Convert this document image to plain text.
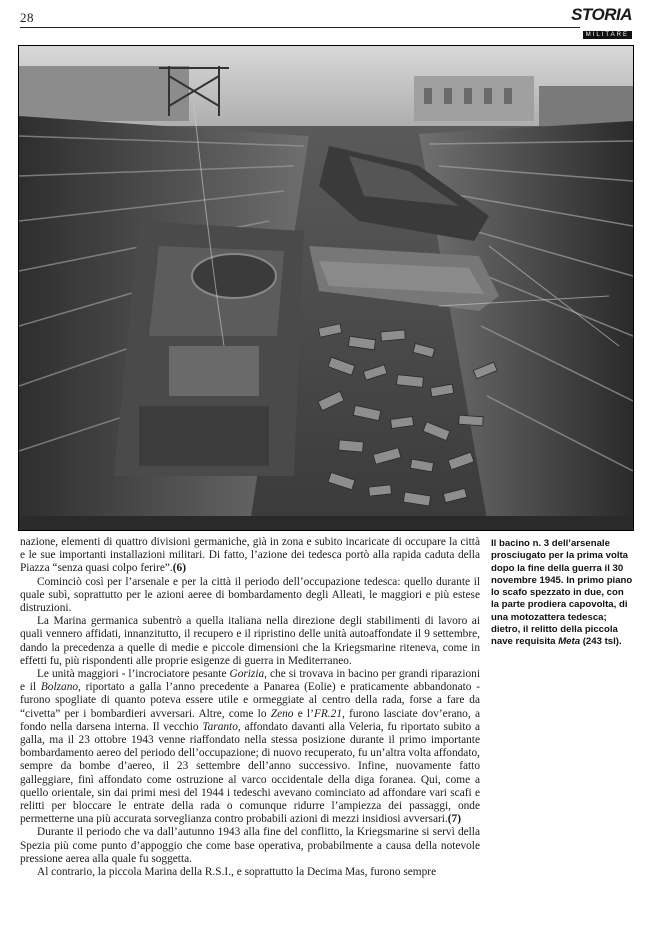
28	STORIA
MILITARE
Il bacino n. 3 dell’arsenale prosciugato per la prima volta dopo la fine della guerra il 30 novembre 1945. In primo piano lo scafo spezzato in due, con la parte prodiera capovolta, di una motozattera tedesca; dietro, il relitto della piccola nave requisita Meta (243 tsl).

nazione, elementi di quattro divisioni germaniche, già in zona e subito incaricate di occupare la città e le sue importanti installazioni militari. Di fatto, l’azione dei tedesca portò alla rapida caduta della Piazza “senza quasi colpo ferire”.(6)

Cominciò così per l’arsenale e per la città il periodo dell’occupazione tedesca: quello durante il quale subì, soprattutto per le azioni aeree di bombardamento degli Alleati, le maggiori e più estese distruzioni.

La Marina germanica subentrò a quella italiana nella direzione degli stabilimenti di lavoro ai quali vennero affidati, innanzitutto, il recupero e il ripristino delle unità autoaffondate il 9 settembre, dando la precedenza a quelle di medie e piccole dimensioni che la Kriegsmarine riteneva, come in effetti fu, più rispondenti alle proprie esigenze di guerra in Mediterraneo.

Le unità maggiori - l’incrociatore pesante Gorizia, che si trovava in bacino per grandi riparazioni e il Bolzano, riportato a galla l’anno precedente a Panarea (Eolie) e praticamente abbandonato - furono spogliate di quanto poteva essere utile e ormeggiate al centro della rada, forse a fare da “civetta” per i bombardieri avversari. Altre, come lo Zeno e l’FR.21, furono lasciate dov’erano, a fondo nella darsena interna. Il vecchio Taranto, affondato davanti alla Veleria, fu riportato subito a galla, ma il 23 ottobre 1943 venne riaffondato nella stessa posizione durante il primo importante bombardamento aereo del periodo dell’occupazione; di nuovo recuperato, fu un’altra volta affondato, sempre da bombe d’aereo, il 23 settembre dell’anno successivo. Infine, nuovamente fatto galleggiare, finì affondato come ostruzione al varco occidentale della diga foranea. Qui, come a quello orientale, sin dai primi mesi del 1944 i tedeschi avevano cominciato ad affondare vari scafi e relitti per bloccare le entrate della rada o comunque ridurre l’ampiezza dei passaggi, onde permetterne una più accurata sorveglianza contro probabili azioni di mezzi insidiosi avversari.(7)

Durante il periodo che va dall’autunno 1943 alla fine del conflitto, la Kriegsmarine si servì della Spezia più come punto d’appoggio che come base operativa, probabilmente a causa della notevole pressione aerea alla quale fu soggetta.

Al contrario, la piccola Marina della R.S.I., e soprattutto la Decima Mas, furono sempre
